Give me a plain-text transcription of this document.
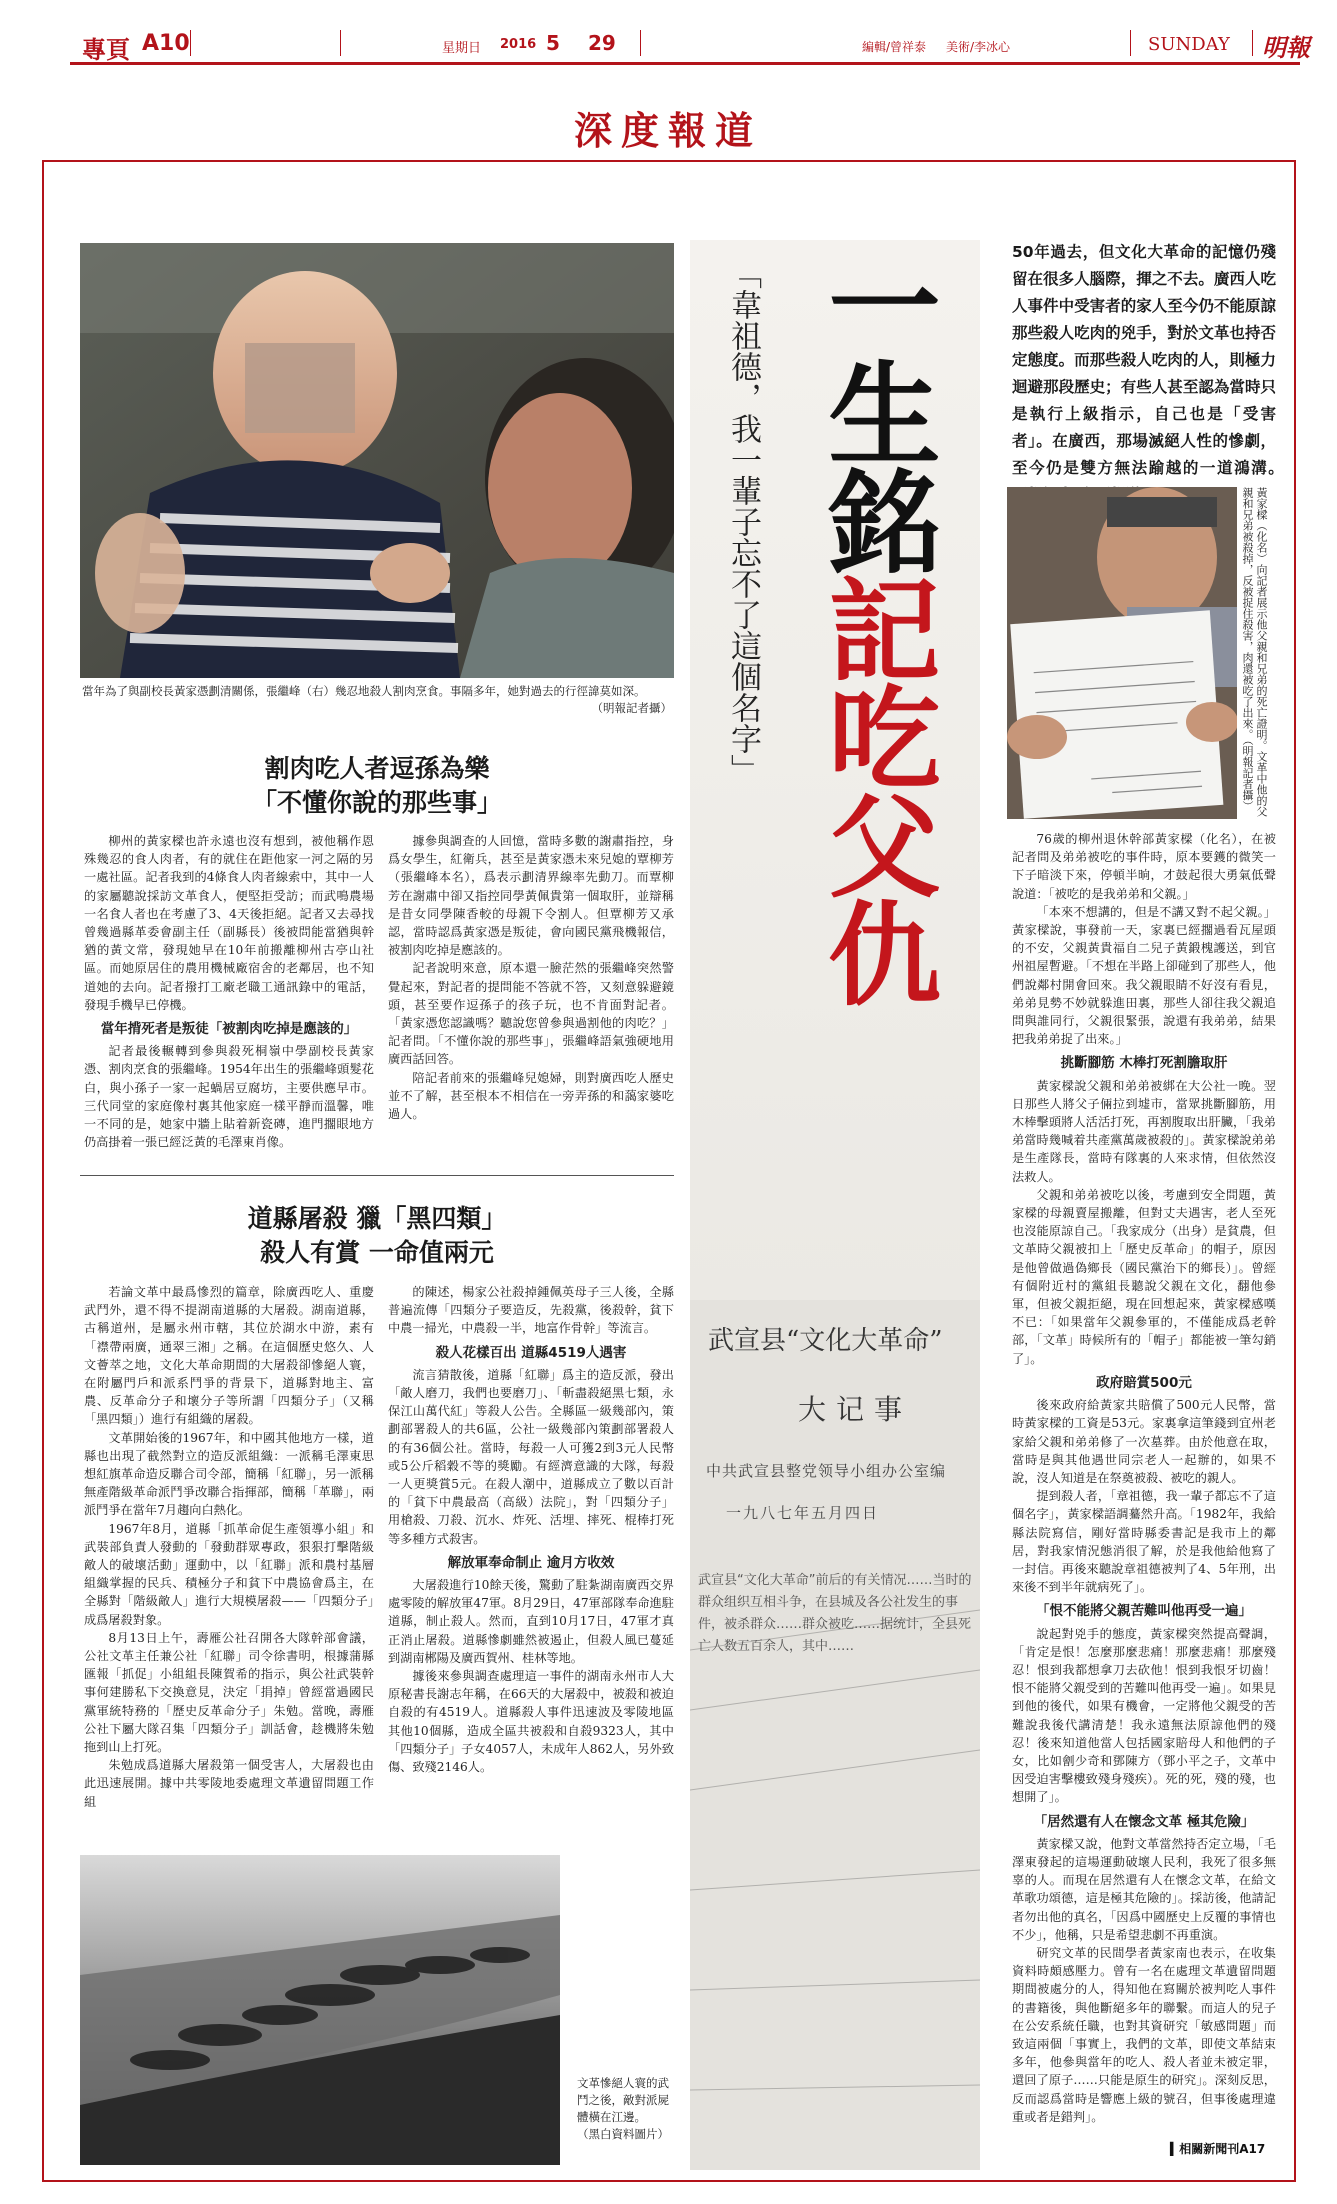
專頁 A10	星期日 2016 5 29	編輯/曾祥泰 美術/李冰心	SUNDAY 明報
深度報道
當年為了與副校長黃家憑劃清關係，張繼峰（右）幾忍地殺人割肉烹食。事隔多年，她對過去的行徑諱莫如深。
（明報記者攝）
割肉吃人者逗孫為樂
「不懂你說的那些事」

柳州的黃家樑也許永遠也沒有想到，被他稱作恩殊幾忍的食人肉者，有的就住在距他家一河之隔的另一處社區。記者我到的4條食人肉者線索中，其中一人的家屬聽說採訪文革食人，便堅拒受訪；而武鳴農場一名食人者也在考慮了3、4天後拒絕。記者又去尋找曾幾過縣革委會副主任（副縣長）後被問能當猶與幹猶的黃文常，發現她早在10年前搬離柳州古亭山社區。而她原居住的農用機械廠宿舍的老鄰居，也不知道她的去向。記者撥打工廠老職工通訊錄中的電話，發現手機早已停機。

當年揹死者是叛徒「被割肉吃掉是應該的」

記者最後輾轉到參與殺死桐嶺中學副校長黃家憑、割肉烹食的張繼峰。1954年出生的張繼峰頭髮花白，與小孫子一家一起蝸居豆腐坊，主要供應早市。三代同堂的家庭像村裏其他家庭一樣平靜而溫馨，唯一不同的是，她家中牆上貼着新瓷磚，進門擱眼地方仍高掛着一張已經泛黃的毛澤東肖像。

據參與調查的人回憶，當時多數的謝肅指控，身爲女學生，紅衛兵，甚至是黃家憑未來兒媳的覃柳芳（張繼峰本名），爲表示劃清界線率先動刀。而覃柳芳在謝肅中卻又指控同學黃佩貴第一個取肝，並辯稱是昔女同學陳香較的母親下令割人。但覃柳芳又承認，當時認爲黃家憑是叛徒，會向國民黨飛機報信，被割肉吃掉是應該的。

記者說明來意，原本還一臉茫然的張繼峰突然警覺起來，對記者的提問能不答就不答，又刻意躲避鏡頭，甚至要作逗孫子的孩子玩，也不肯面對記者。「黃家憑您認識嗎？聽說您曾參與過割他的肉吃？」記者問。「不懂你說的那些事」，張繼峰語氣強硬地用廣西話回答。

陪記者前來的張繼峰兒媳婦，則對廣西吃人歷史並不了解，甚至根本不相信在一旁弄孫的和藹家婆吃過人。

道縣屠殺 獵「黑四類」
殺人有賞 一命值兩元

若論文革中最爲慘烈的篇章，除廣西吃人、重慶武鬥外，還不得不提湖南道縣的大屠殺。湖南道縣，古稱道州，是屬永州市轄，其位於湖水中游，素有「襟帶兩廣，通翠三湘」之稱。在這個歷史悠久、人文薈萃之地，文化大革命期間的大屠殺卻慘絕人寰，在附屬門戶和派系鬥爭的背景下，道縣對地主、富農、反革命分子和壞分子等所謂「四類分子」（又稱「黑四類」）進行有組織的屠殺。

文革開始後的1967年，和中國其他地方一樣，道縣也出現了截然對立的造反派組織：一派稱毛澤東思想紅旗革命造反聯合司令部，簡稱「紅聯」，另一派稱無產階級革命派鬥爭改聯合指揮部，簡稱「革聯」，兩派鬥爭在當年7月趨向白熱化。

1967年8月，道縣「抓革命促生產領導小組」和武裝部負責人發動的「發動群眾專政，狠狠打擊階級敵人的破壞活動」運動中，以「紅聯」派和農村基層組織掌握的民兵、積極分子和貧下中農協會爲主，在全縣對「階級敵人」進行大規模屠殺——「四類分子」成爲屠殺對象。

8月13日上午，壽雁公社召開各大隊幹部會議，公社文革主任兼公社「紅聯」司令徐書明，根據蒲縣匯報「抓促」小組組長陳賀希的指示，與公社武裝幹事何建勝私下交換意見，決定「捐掉」曾經當過國民黨軍統特務的「歷史反革命分子」朱勉。當晚，壽雁公社下屬大隊召集「四類分子」訓話會，趁機將朱勉拖到山上打死。

朱勉成爲道縣大屠殺第一個受害人，大屠殺也由此迅速展開。據中共零陵地委處理文革遺留問題工作組

的陳述，楊家公社殺掉鍾佩英母子三人後，全縣普遍流傳「四類分子要造反，先殺黨，後殺幹，貧下中農一掃光，中農殺一半，地富作骨幹」等流言。

殺人花樣百出 道縣4519人遇害

流言猜散後，道縣「紅聯」爲主的造反派，發出「敵人磨刀，我們也要磨刀」、「斬盡殺絕黑七類，永保江山萬代紅」等殺人公告。全縣區一級幾部內，策劃部署殺人的共6區，公社一級幾部內策劃部署殺人的有36個公社。當時，每殺一人可獲2到3元人民幣或5公斤稻穀不等的獎勵。有經濟意識的大隊，每殺一人更獎賞5元。在殺人潮中，道縣成立了數以百計的「貧下中農最高（高級）法院」，對「四類分子」用槍殺、刀殺、沉水、炸死、活埋、摔死、棍棒打死等多種方式殺害。

解放軍奉命制止 逾月方收效

大屠殺進行10餘天後，驚動了駐紮湖南廣西交界處零陵的解放軍47軍。8月29日，47軍部隊奉命進駐道縣，制止殺人。然而，直到10月17日，47軍才真正消止屠殺。道縣慘劇雖然被遏止，但殺人風已蔓延到湖南郴陽及廣西賀州、桂林等地。

據後來參與調查處理這一事件的湖南永州市人大原秘書長謝志年稱，在66天的大屠殺中，被殺和被迫自殺的有4519人。道縣殺人事件迅速波及零陵地區其他10個縣，造成全區共被殺和自殺9323人，其中「四類分子」子女4057人，未成年人862人，另外致傷、致殘2146人。

文革慘絕人寰的武鬥之後，敵對派屍體橫在江邊。
（黑白資料圖片）
武宣县“文化大革命”
大记事
中共武宣县整党领导小组办公室编
一九八七年五月四日
武宣县“文化大革命”前后的有关情况……当时的群众组织互相斗争，在县城及各公社发生的事件，被杀群众……群众被吃……据统计，全县死亡人数五百余人，其中……
一生銘記吃父仇
「韋祖德，我一輩子忘不了這個名字」
50年過去，但文化大革命的記憶仍殘留在很多人腦際，揮之不去。廣西人吃人事件中受害者的家人至今仍不能原諒那些殺人吃肉的兇手，對於文革也持否定態度。而那些殺人吃肉的人，則極力迴避那段歷史；有些人甚至認為當時只是執行上級指示，自己也是「受害者」。在廣西，那場滅絕人性的慘劇，至今仍是雙方無法踰越的一道鴻溝。　
黃家樑（化名）向記者展示他父親和兄弟的死亡證明。文革中他的父親和兄弟被殺掉，反被捉住殺害，肉還被吃了出來。（明報記者攝）

76歲的柳州退休幹部黃家樑（化名），在被記者問及弟弟被吃的事件時，原本要鑊的微笑一下子暗淡下來，停頓半晌，才鼓起很大勇氣低聲說道：「被吃的是我弟弟和父親。」

「本來不想講的，但是不講又對不起父親。」黃家樑說，事發前一天，家裏已經擱過看瓦屋頭的不安，父親黃貴福自二兒子黃鍛槐護送，到官州祖屋暫避。「不想在半路上卻碰到了那些人，他們說鄰村開會回來。我父親眼睛不好沒有看見，弟弟見勢不妙就躲進田裏，那些人卻往我父親追問與誰同行，父親很緊張，說還有我弟弟，結果把我弟弟捉了出來。」

挑斷腳筋 木棒打死割膽取肝

黃家樑說父親和弟弟被綁在大公社一晚。翌日那些人將父子倆拉到墟市，當眾挑斷腳筋，用木棒擊頭將人活活打死，再割腹取出肝臟，「我弟弟當時幾喊着共產黨萬歲被殺的」。黃家樑說弟弟是生產隊長，當時有隊裏的人來求情，但依然沒法救人。

父親和弟弟被吃以後，考慮到安全問題，黃家樑的母親賣屋搬離，但對丈夫遇害，老人至死也沒能原諒自己。「我家成分（出身）是貧農，但文革時父親被扣上「歷史反革命」的帽子，原因是他曾做過偽鄉長（國民黨治下的鄉長）」。曾經有個附近村的黨組長聽說父親在文化，翻他參軍，但被父親拒絕，現在回想起來，黃家樑感嘆不已：「如果當年父親參軍的，不僅能成爲老幹部，「文革」時候所有的「帽子」都能被一筆勾銷了」。

政府賠賞500元

後來政府給黃家共賠償了500元人民幣，當時黃家樑的工資是53元。家裏拿這筆錢到宜州老家給父親和弟弟修了一次墓葬。由於他意在取，當時是與其他遇世同宗老人一起辦的，如果不說，沒人知道是在祭奠被殺、被吃的親人。

提到殺人者，「章祖德，我一輩子都忘不了這個名字」，黃家樑語調驀然升高。「1982年，我給縣法院寫信，剛好當時縣委書記是我市上的鄰居，對我家情況態消很了解，於是我他給他寫了一封信。再後來聽說章祖德被判了4、5年刑，出來後不到半年就病死了」。

「恨不能將父親苦難叫他再受一遍」

說起對兇手的態度，黃家樑突然提高聲調，「肯定是恨！怎麼那麼悲痛！那麼悲痛！那麼殘忍！恨到我都想拿刀去砍他！恨到我恨牙切齒！恨不能將父親受到的苦難叫他再受一遍」。如果見到他的後代，如果有機會，一定將他父親受的苦難說我後代講清楚！我永遠無法原諒他們的殘忍！後來知道他當人包括國家賠母人和他們的子女，比如劊少奇和鄧陳方（鄧小平之子，文革中因受迫害擊樓致殘身殘疾）。死的死，殘的殘，也想開了」。

「居然還有人在懷念文革 極其危險」

黃家樑又說，他對文革當然持否定立場，「毛澤東發起的這場運動破壞人民利，我死了很多無辜的人。而現在居然還有人在懷念文革，在給文革歌功頌德，這是極其危險的」。採訪後，他請記者勿出他的真名，「因爲中國歷史上反覆的事情也不少」，他稱，只是希望悲劇不再重演。

研究文革的民間學者黃家南也表示，在收集資料時頗感壓力。曾有一名在處理文革遺留問題期間被處分的人，得知他在寫關於被判吃人事件的書籍後，與他斷絕多年的聯繫。而這人的兒子在公安系統任職，也對其資研究「敏感問題」而致這兩個「事實上，我們的文革，即使文革結束多年，他參與當年的吃人、殺人者並未被定罪，還回了原子……只能是原生的研究」。深刻反思，反而認爲當時是響應上級的號召，但事後處理違重或者是錯判」。

▍相關新聞刊A17
